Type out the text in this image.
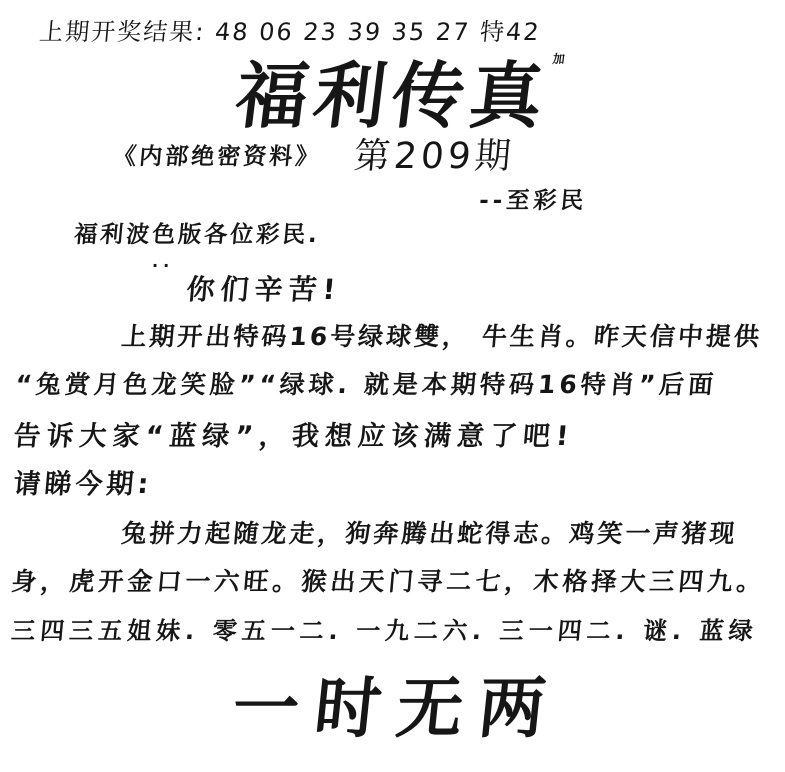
上期开奖结果: 48 06 23 39 35 27 特42
福利传真$^加$
《内部绝密资料》 第209期
--至彩民
福利波色版各位彩民.
..
你们辛苦!
上期开出特码16号绿球雙， 牛生肖。昨天信中提供
“兔赏月色龙笑脸”“绿球. 就是本期特码16特肖”后面
告诉大家“蓝绿”，我想应该满意了吧!
请睇今期:
兔拼力起随龙走，狗奔腾出蛇得志。鸡笑一声猪现
身，虎开金口一六旺。猴出天门寻二七，木格择大三四九。
三四三五姐妹. 零五一二. 一九二六. 三一四二. 谜. 蓝绿
一时无两
